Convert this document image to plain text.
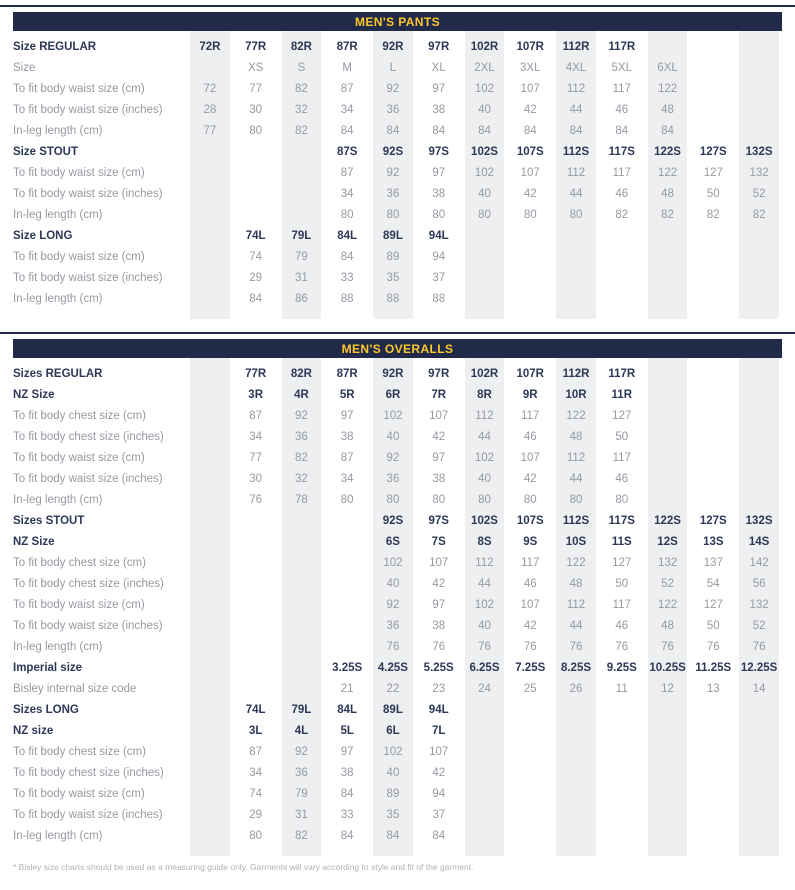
MEN'S PANTS

Size REGULAR	72R	77R	82R	87R	92R	97R	102R	107R	112R	117R			

Size		XS	S	M	L	XL	2XL	3XL	4XL	5XL	6XL		

To fit body waist size (cm)	72	77	82	87	92	97	102	107	112	117	122		

To fit body waist size (inches)	28	30	32	34	36	38	40	42	44	46	48		

In-leg length (cm)	77	80	82	84	84	84	84	84	84	84	84		

Size STOUT				87S	92S	97S	102S	107S	112S	117S	122S	127S	132S

To fit body waist size (cm)				87	92	97	102	107	112	117	122	127	132

To fit body waist size (inches)				34	36	38	40	42	44	46	48	50	52

In-leg length (cm)				80	80	80	80	80	80	82	82	82	82

Size LONG		74L	79L	84L	89L	94L							

To fit body waist size (cm)		74	79	84	89	94							

To fit body waist size (inches)		29	31	33	35	37							

In-leg length (cm)		84	86	88	88	88							

MEN'S OVERALLS

Sizes REGULAR		77R	82R	87R	92R	97R	102R	107R	112R	117R			

NZ Size		3R	4R	5R	6R	7R	8R	9R	10R	11R			

To fit body chest size (cm)		87	92	97	102	107	112	117	122	127			

To fit body chest size (inches)		34	36	38	40	42	44	46	48	50			

To fit body waist size (cm)		77	82	87	92	97	102	107	112	117			

To fit body waist size (inches)		30	32	34	36	38	40	42	44	46			

In-leg length (cm)		76	78	80	80	80	80	80	80	80			

Sizes STOUT					92S	97S	102S	107S	112S	117S	122S	127S	132S

NZ Size					6S	7S	8S	9S	10S	11S	12S	13S	14S

To fit body chest size (cm)					102	107	112	117	122	127	132	137	142

To fit body chest size (inches)					40	42	44	46	48	50	52	54	56

To fit body waist size (cm)					92	97	102	107	112	117	122	127	132

To fit body waist size (inches)					36	38	40	42	44	46	48	50	52

In-leg length (cm)					76	76	76	76	76	76	76	76	76

Imperial size				3.25S	4.25S	5.25S	6.25S	7.25S	8.25S	9.25S	10.25S	11.25S	12.25S

Bisley internal size code				21	22	23	24	25	26	11	12	13	14

Sizes LONG		74L	79L	84L	89L	94L							

NZ size		3L	4L	5L	6L	7L							

To fit body chest size (cm)		87	92	97	102	107							

To fit body chest size (inches)		34	36	38	40	42							

To fit body waist size (cm)		74	79	84	89	94							

To fit body waist size (inches)		29	31	33	35	37							

In-leg length (cm)		80	82	84	84	84							

* Bisley size charts should be used as a measuring guide only. Garments will vary according to style and fit of the garment.
